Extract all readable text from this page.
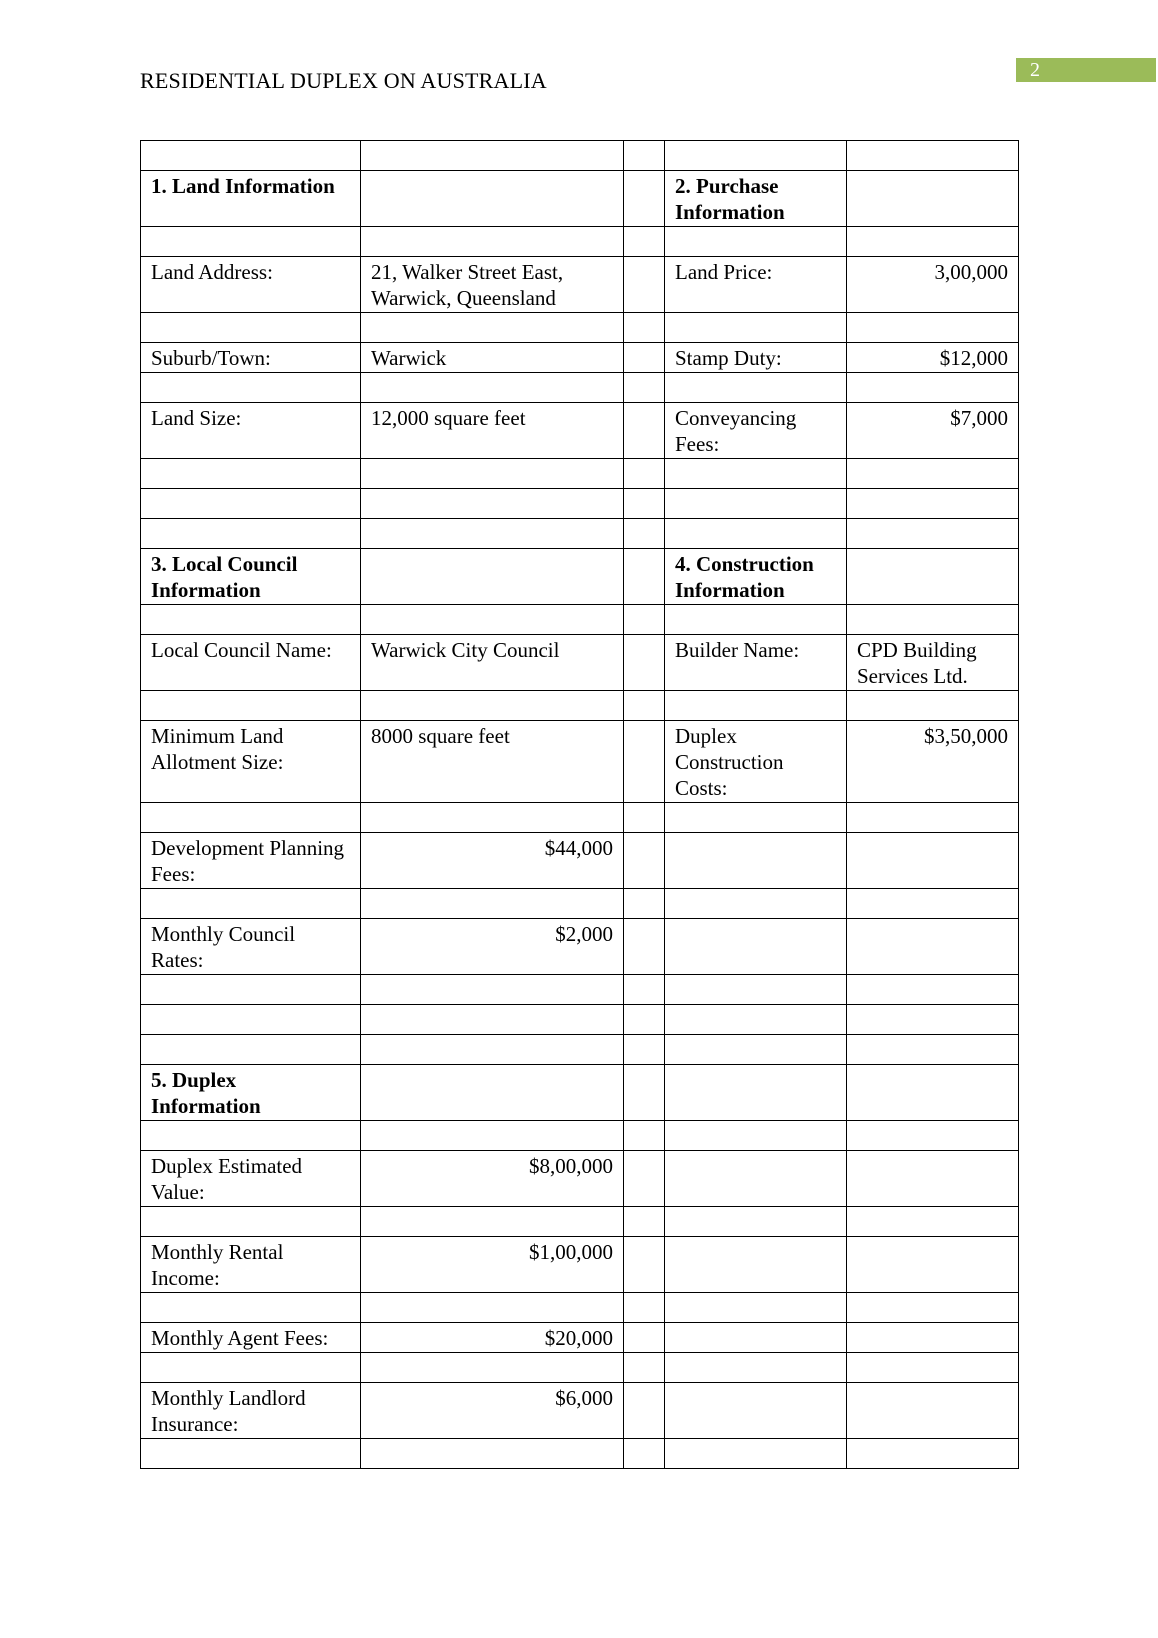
RESIDENTIAL DUPLEX ON AUSTRALIA	2

1. Land Information			2. Purchase Information	

Land Address:	21, Walker Street East, Warwick, Queensland		Land Price:	3,00,000

Suburb/Town:	Warwick		Stamp Duty:	$12,000

Land Size:	12,000 square feet		Conveyancing Fees:	$7,000

3. Local Council Information			4. Construction Information	

Local Council Name:	Warwick City Council		Builder Name:	CPD Building Services Ltd.

Minimum Land Allotment Size:	8000 square feet		Duplex Construction Costs:	$3,50,000

Development Planning Fees:	$44,000			

Monthly Council Rates:	$2,000			

5. Duplex Information				

Duplex Estimated Value:	$8,00,000			

Monthly Rental Income:	$1,00,000			

Monthly Agent Fees:	$20,000			

Monthly Landlord Insurance:	$6,000			
